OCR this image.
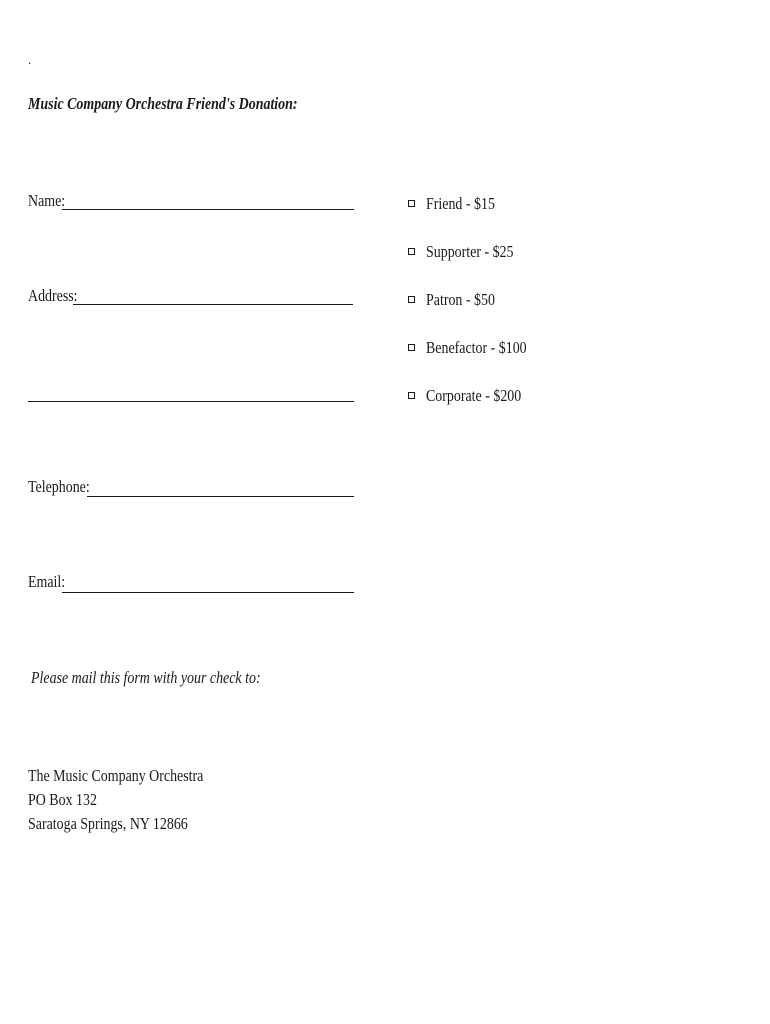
.
Music Company Orchestra Friend's Donation:
Name:
Address:
Telephone:
Email:
Friend - $15
Supporter - $25
Patron - $50
Benefactor - $100
Corporate - $200
Please mail this form with your check to:
The Music Company Orchestra
PO Box 132
Saratoga Springs, NY 12866
